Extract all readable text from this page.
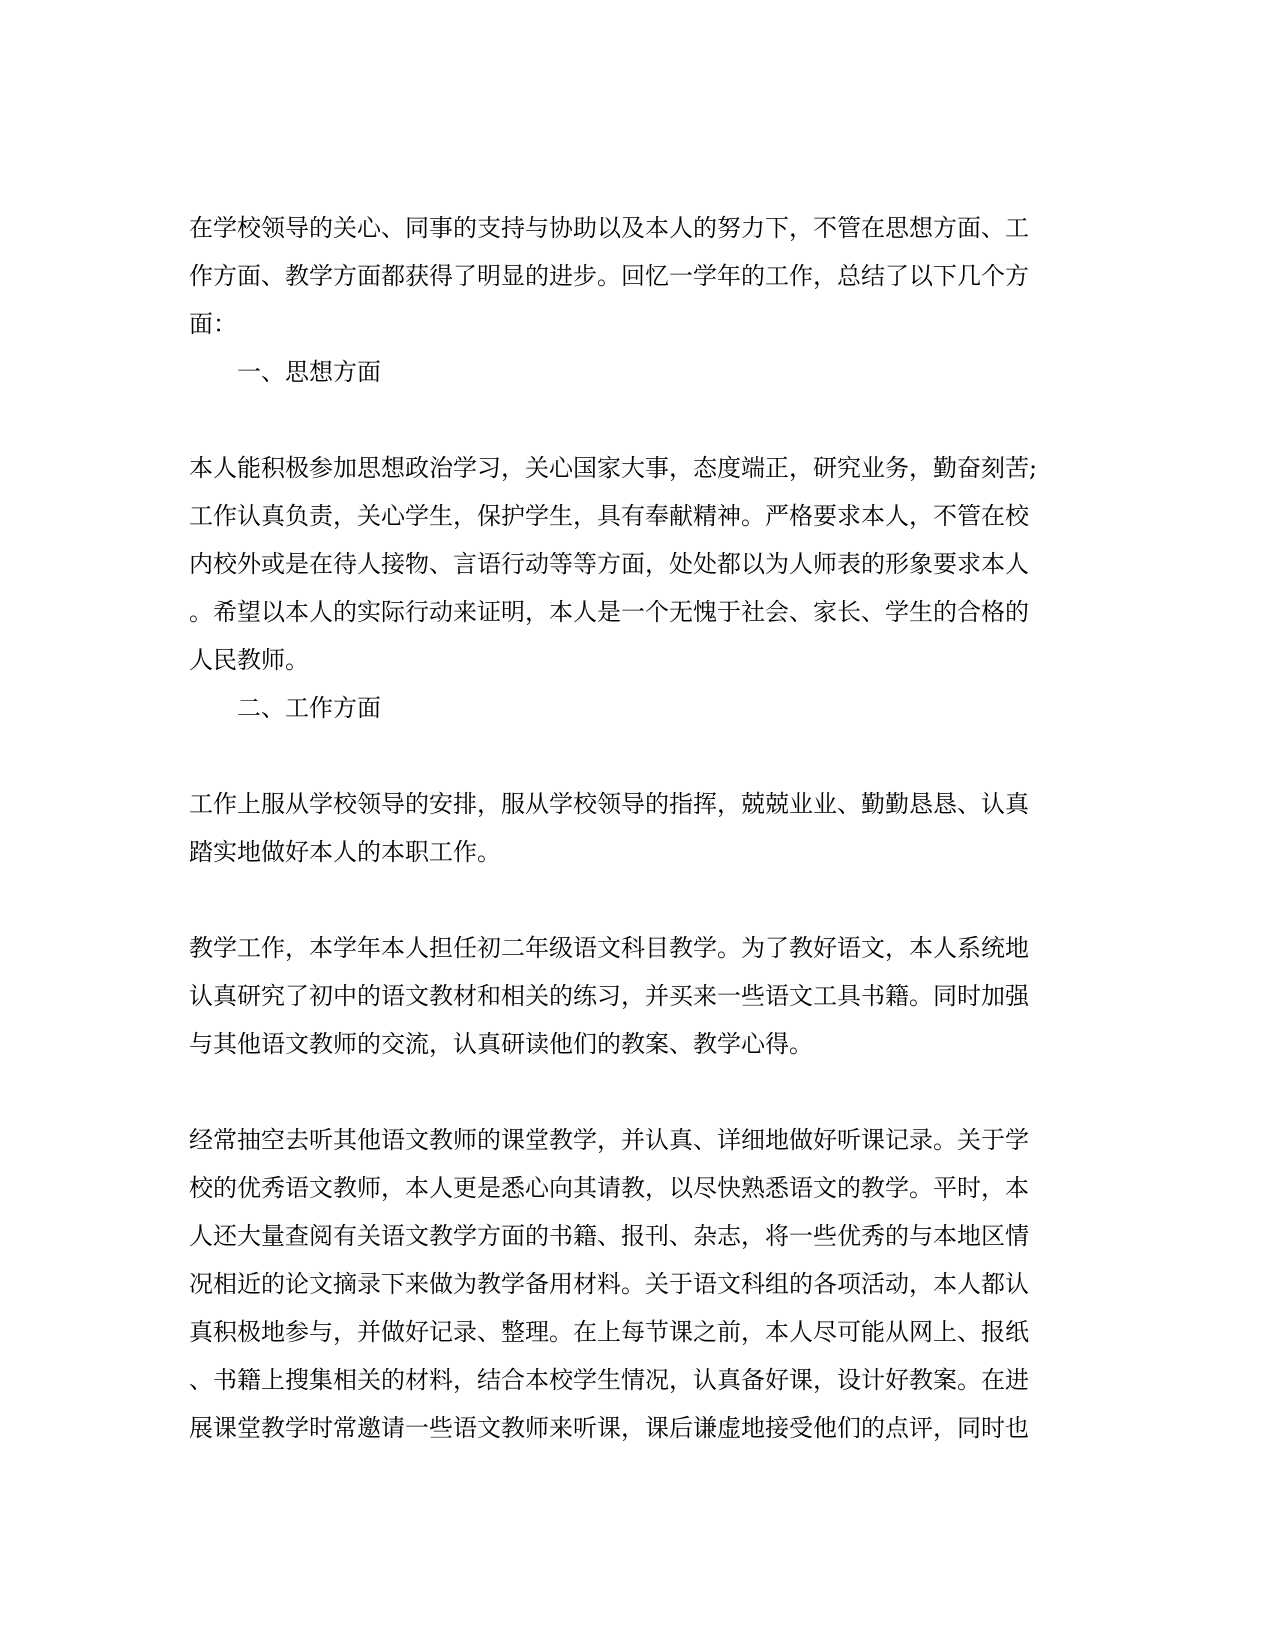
在学校领导的关心、同事的支持与协助以及本人的努力下，不管在思想方面、工
作方面、教学方面都获得了明显的进步。回忆一学年的工作，总结了以下几个方
面：

一、思想方面

本人能积极参加思想政治学习，关心国家大事，态度端正，研究业务，勤奋刻苦;
工作认真负责，关心学生，保护学生，具有奉献精神。严格要求本人，不管在校
内校外或是在待人接物、言语行动等等方面，处处都以为人师表的形象要求本人
。希望以本人的实际行动来证明，本人是一个无愧于社会、家长、学生的合格的
人民教师。

二、工作方面

工作上服从学校领导的安排，服从学校领导的指挥，兢兢业业、勤勤恳恳、认真
踏实地做好本人的本职工作。

教学工作，本学年本人担任初二年级语文科目教学。为了教好语文，本人系统地
认真研究了初中的语文教材和相关的练习，并买来一些语文工具书籍。同时加强
与其他语文教师的交流，认真研读他们的教案、教学心得。

经常抽空去听其他语文教师的课堂教学，并认真、详细地做好听课记录。关于学
校的优秀语文教师，本人更是悉心向其请教，以尽快熟悉语文的教学。平时，本
人还大量查阅有关语文教学方面的书籍、报刊、杂志，将一些优秀的与本地区情
况相近的论文摘录下来做为教学备用材料。关于语文科组的各项活动，本人都认
真积极地参与，并做好记录、整理。在上每节课之前，本人尽可能从网上、报纸
、书籍上搜集相关的材料，结合本校学生情况，认真备好课，设计好教案。在进
展课堂教学时常邀请一些语文教师来听课，课后谦虚地接受他们的点评，同时也
